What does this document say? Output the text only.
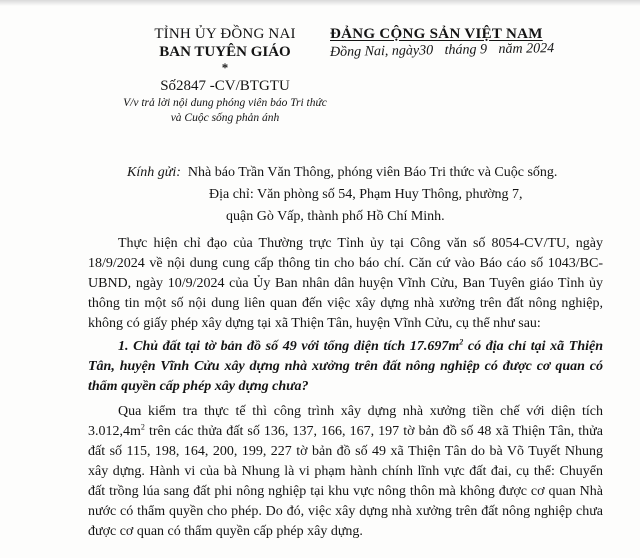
TỈNH ỦY ĐỒNG NAI
BAN TUYÊN GIÁO
*
Số2847 -CV/BTGTU
V/v trả lời nội dung phóng viên báo Tri thức
và Cuộc sống phản ánh
ĐẢNG CỘNG SẢN VIỆT NAM
Đồng Nai, ngày30 tháng 9 năm 2024
Kính gửi: Nhà báo Trần Văn Thông, phóng viên Báo Tri thức và Cuộc sống.
Địa chỉ: Văn phòng số 54, Phạm Huy Thông, phường 7,
quận Gò Vấp, thành phố Hồ Chí Minh.

Thực hiện chỉ đạo của Thường trực Tỉnh ủy tại Công văn số 8054-CV/TU, ngày 18/9/2024 về nội dung cung cấp thông tin cho báo chí. Căn cứ vào Báo cáo số 1043/BC-UBND, ngày 10/9/2024 của Ủy Ban nhân dân huyện Vĩnh Cửu, Ban Tuyên giáo Tỉnh ủy thông tin một số nội dung liên quan đến việc xây dựng nhà xưởng trên đất nông nghiệp, không có giấy phép xây dựng tại xã Thiện Tân, huyện Vĩnh Cửu, cụ thể như sau:

1. Chủ đất tại tờ bản đồ số 49 với tổng diện tích $17.697m^2$ có địa chỉ tại xã Thiện Tân, huyện Vĩnh Cửu xây dựng nhà xưởng trên đất nông nghiệp có được cơ quan có thẩm quyền cấp phép xây dựng chưa?

Qua kiểm tra thực tế thì công trình xây dựng nhà xưởng tiền chế với diện tích $3.012,4m^2$ trên các thửa đất số 136, 137, 166, 167, 197 tờ bản đồ số 48 xã Thiện Tân, thửa đất số 115, 198, 164, 200, 199, 227 tờ bản đồ số 49 xã Thiện Tân do bà Võ Tuyết Nhung xây dựng. Hành vi của bà Nhung là vi phạm hành chính lĩnh vực đất đai, cụ thể: Chuyển đất trồng lúa sang đất phi nông nghiệp tại khu vực nông thôn mà không được cơ quan Nhà nước có thẩm quyền cho phép. Do đó, việc xây dựng nhà xưởng trên đất nông nghiệp chưa được cơ quan có thẩm quyền cấp phép xây dựng.
